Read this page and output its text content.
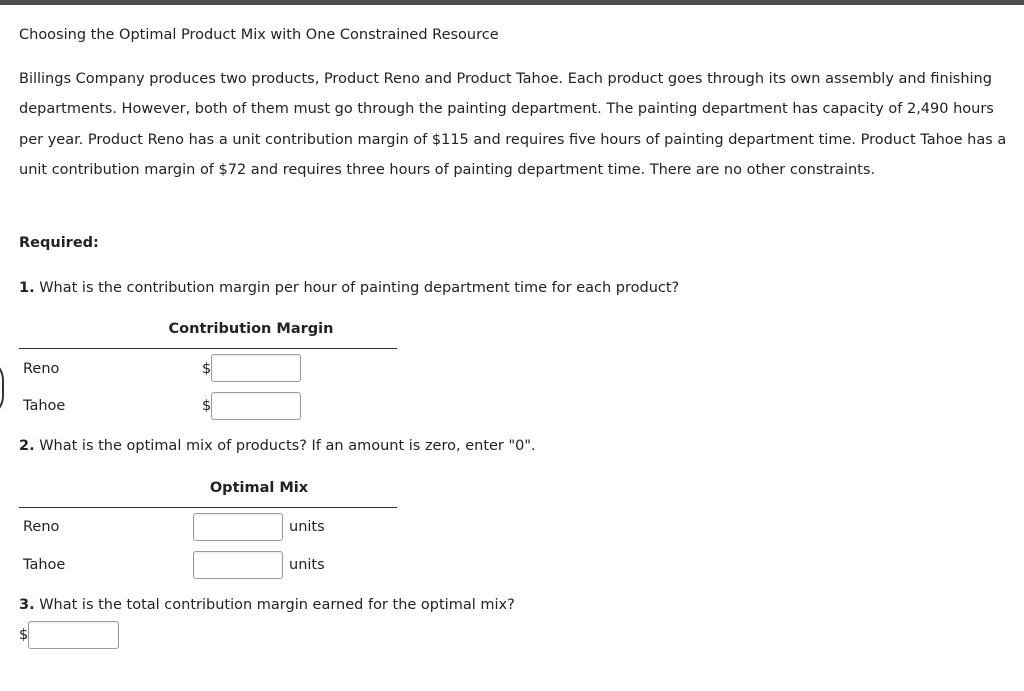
Choosing the Optimal Product Mix with One Constrained Resource
Billings Company produces two products, Product Reno and Product Tahoe. Each product goes through its own assembly and finishing departments. However, both of them must go through the painting department. The painting department has capacity of 2,490 hours per year. Product Reno has a unit contribution margin of $115 and requires five hours of painting department time. Product Tahoe has a unit contribution margin of $72 and requires three hours of painting department time. There are no other constraints.
Required:
1. What is the contribution margin per hour of painting department time for each product?
Contribution Margin
Reno	$
Tahoe	$
2. What is the optimal mix of products? If an amount is zero, enter "0".
Optimal Mix
Reno	units
Tahoe	units
3. What is the total contribution margin earned for the optimal mix?
$
